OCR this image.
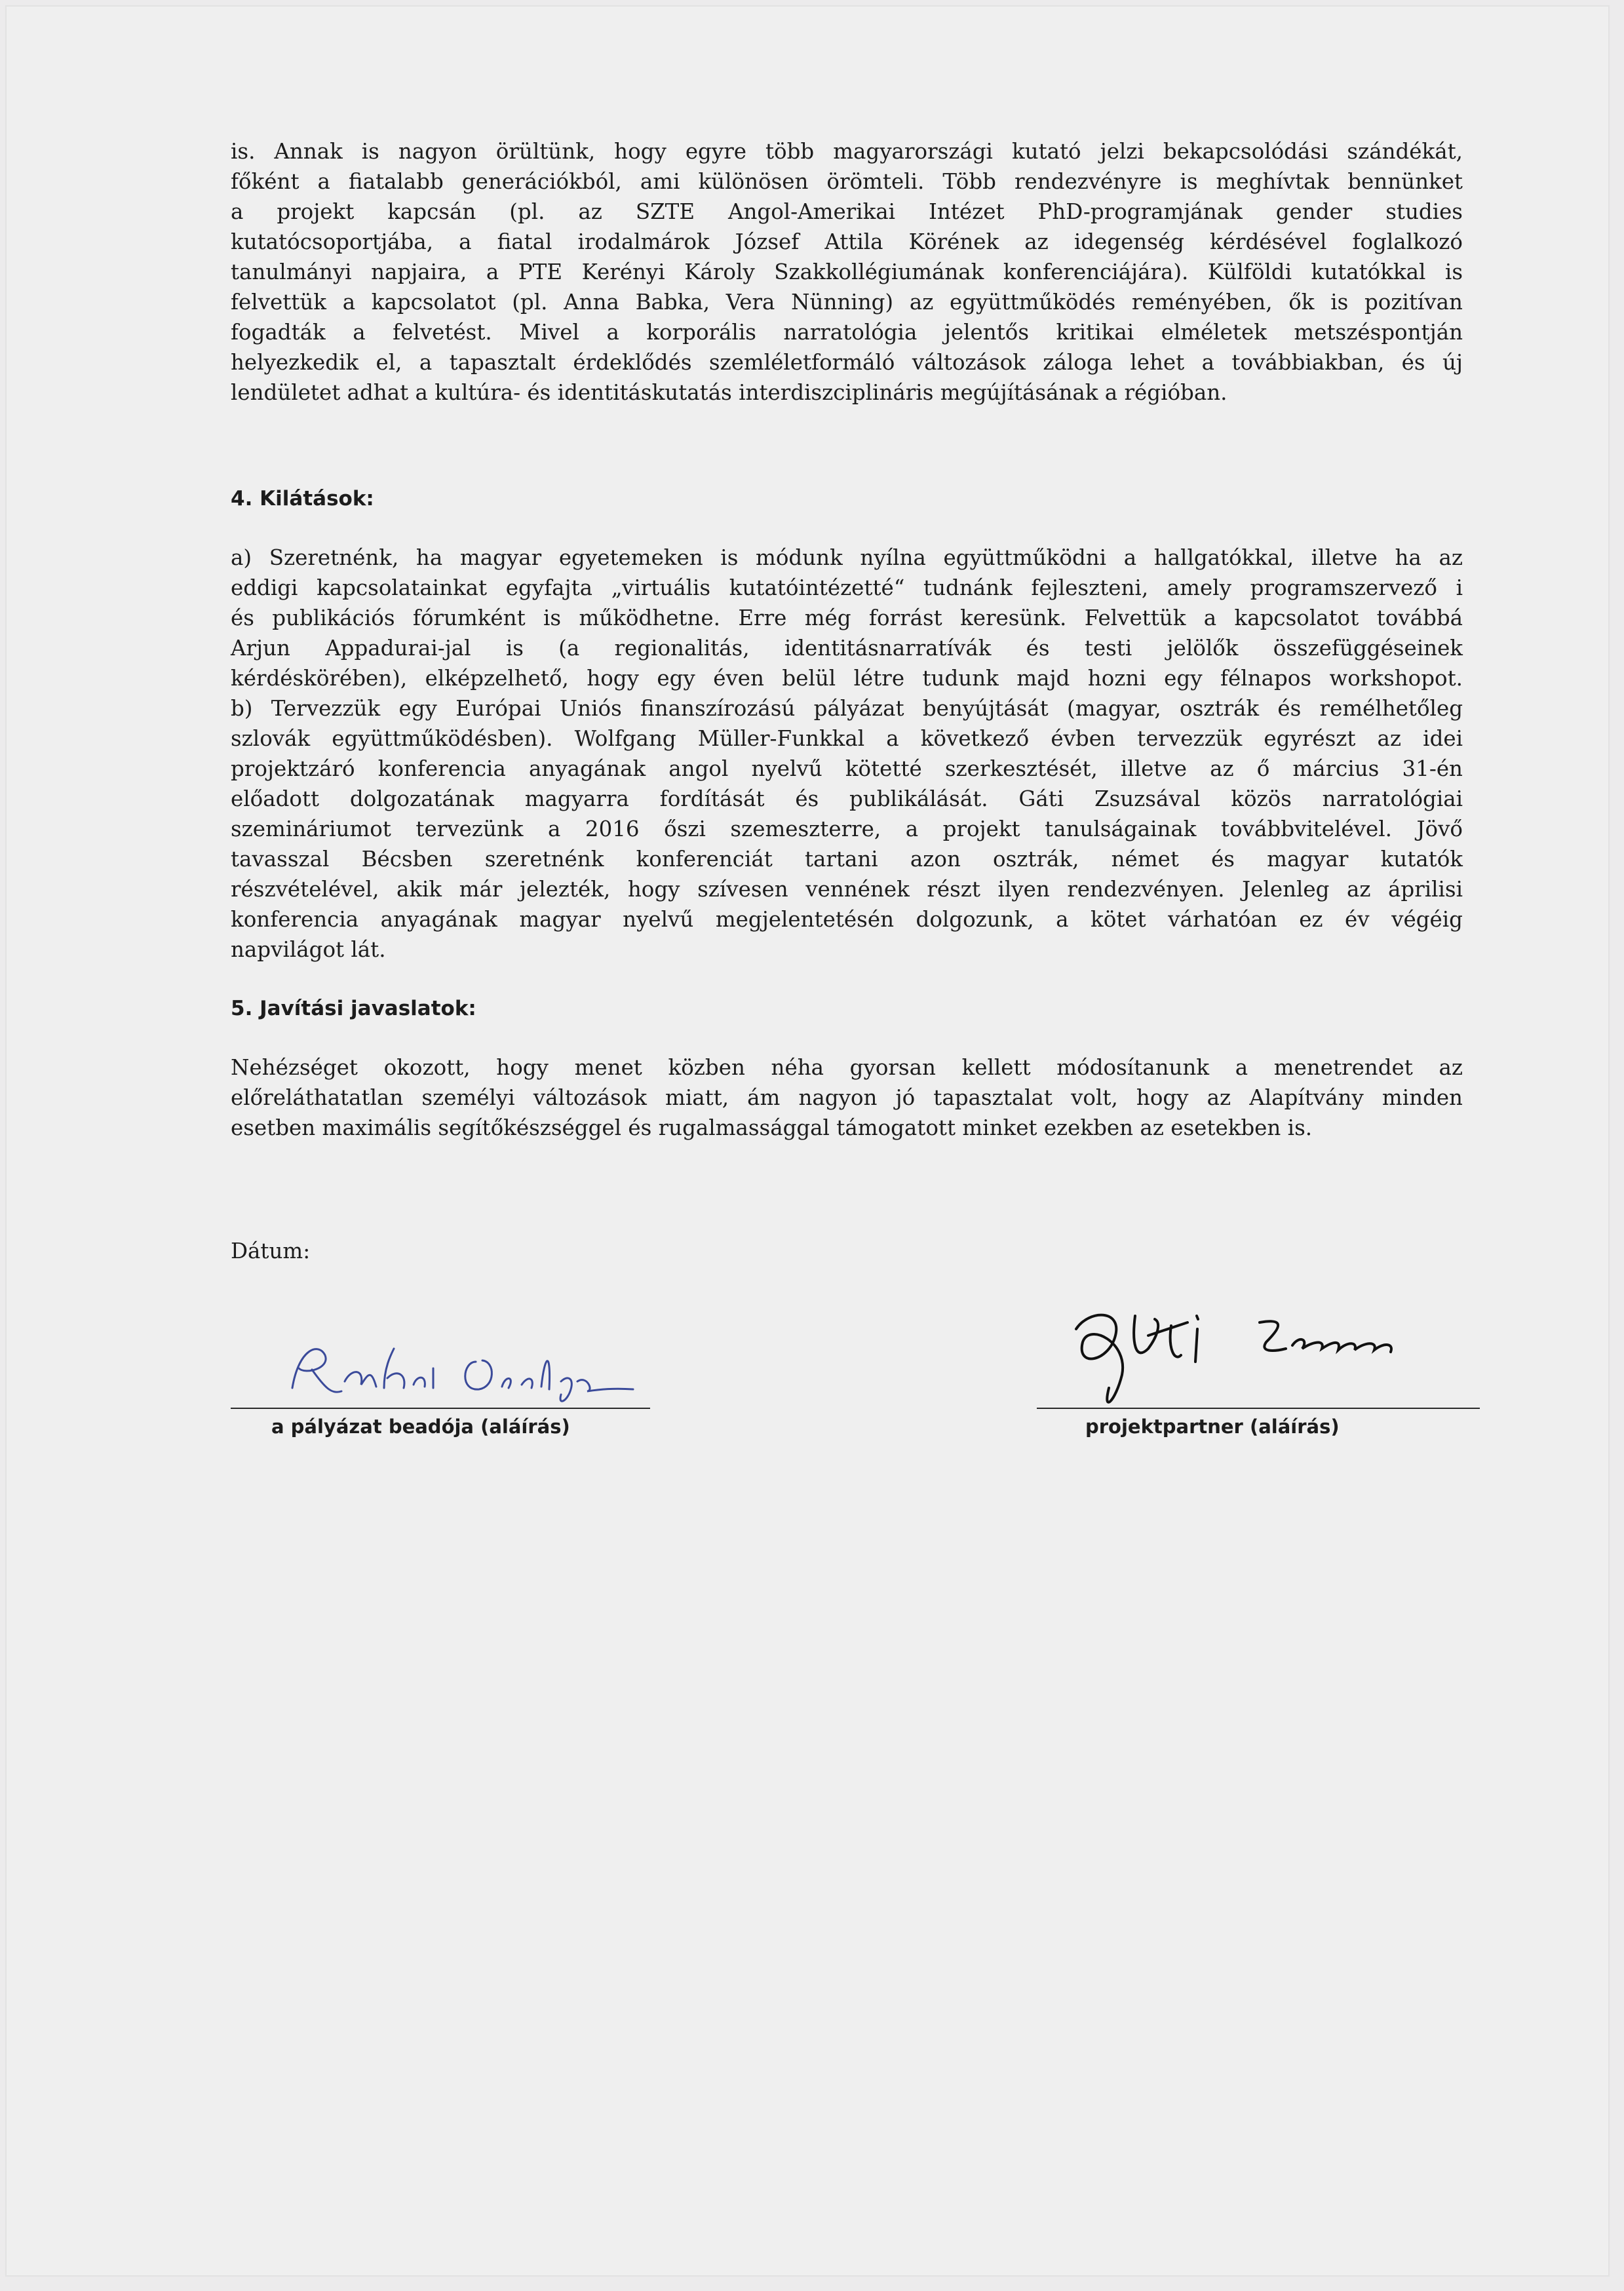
is. Annak is nagyon örültünk, hogy egyre több magyarországi kutató jelzi bekapcsolódási szándékát,
főként a fiatalabb generációkból, ami különösen örömteli. Több rendezvényre is meghívtak bennünket
a projekt kapcsán (pl. az SZTE Angol-Amerikai Intézet PhD-programjának gender studies
kutatócsoportjába, a fiatal irodalmárok József Attila Körének az idegenség kérdésével foglalkozó
tanulmányi napjaira, a PTE Kerényi Károly Szakkollégiumának konferenciájára). Külföldi kutatókkal is
felvettük a kapcsolatot (pl. Anna Babka, Vera Nünning) az együttműködés reményében, ők is pozitívan
fogadták a felvetést. Mivel a korporális narratológia jelentős kritikai elméletek metszéspontján
helyezkedik el, a tapasztalt érdeklődés szemléletformáló változások záloga lehet a továbbiakban, és új
lendületet adhat a kultúra- és identitáskutatás interdiszciplináris megújításának a régióban.
4. Kilátások:
a) Szeretnénk, ha magyar egyetemeken is módunk nyílna együttműködni a hallgatókkal, illetve ha az
eddigi kapcsolatainkat egyfajta „virtuális kutatóintézetté“ tudnánk fejleszteni, amely programszervező i
és publikációs fórumként is működhetne. Erre még forrást keresünk. Felvettük a kapcsolatot továbbá
Arjun Appadurai-jal is (a regionalitás, identitásnarratívák és testi jelölők összefüggéseinek
kérdéskörében), elképzelhető, hogy egy éven belül létre tudunk majd hozni egy félnapos workshopot.
b) Tervezzük egy Európai Uniós finanszírozású pályázat benyújtását (magyar, osztrák és remélhetőleg
szlovák együttműködésben). Wolfgang Müller-Funkkal a következő évben tervezzük egyrészt az idei
projektzáró konferencia anyagának angol nyelvű kötetté szerkesztését, illetve az ő március 31-én
előadott dolgozatának magyarra fordítását és publikálását. Gáti Zsuzsával közös narratológiai
szemináriumot tervezünk a 2016 őszi szemeszterre, a projekt tanulságainak továbbvitelével. Jövő
tavasszal Bécsben szeretnénk konferenciát tartani azon osztrák, német és magyar kutatók
részvételével, akik már jelezték, hogy szívesen vennének részt ilyen rendezvényen. Jelenleg az áprilisi
konferencia anyagának magyar nyelvű megjelentetésén dolgozunk, a kötet várhatóan ez év végéig
napvilágot lát.
5. Javítási javaslatok:
Nehézséget okozott, hogy menet közben néha gyorsan kellett módosítanunk a menetrendet az
előreláthatatlan személyi változások miatt, ám nagyon jó tapasztalat volt, hogy az Alapítvány minden
esetben maximális segítőkészséggel és rugalmassággal támogatott minket ezekben az esetekben is.
Dátum:
a pályázat beadója (aláírás)	projektpartner (aláírás)
